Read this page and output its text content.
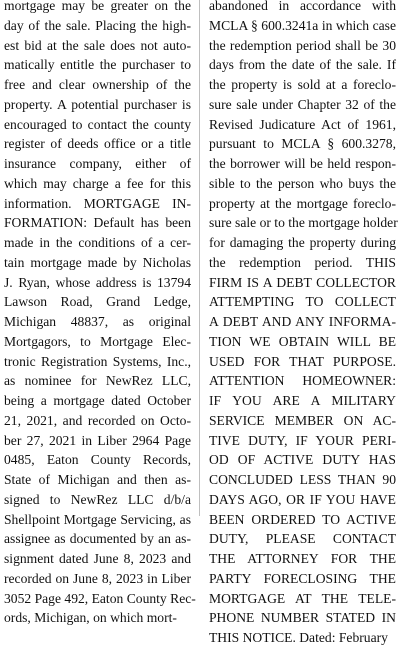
mortgage may be greater on the
day of the sale. Placing the high-
est bid at the sale does not auto-
matically entitle the purchaser to
free and clear ownership of the
property. A potential purchaser is
encouraged to contact the county
register of deeds office or a title
insurance company, either of
which may charge a fee for this
information. MORTGAGE IN-
FORMATION: Default has been
made in the conditions of a cer-
tain mortgage made by Nicholas
J. Ryan, whose address is 13794
Lawson Road, Grand Ledge,
Michigan 48837, as original
Mortgagors, to Mortgage Elec-
tronic Registration Systems, Inc.,
as nominee for NewRez LLC,
being a mortgage dated October
21, 2021, and recorded on Octo-
ber 27, 2021 in Liber 2964 Page
0485, Eaton County Records,
State of Michigan and then as-
signed to NewRez LLC d/b/a
Shellpoint Mortgage Servicing, as
assignee as documented by an as-
signment dated June 8, 2023 and
recorded on June 8, 2023 in Liber
3052 Page 492, Eaton County Rec-
ords, Michigan, on which mort-
abandoned in accordance with
MCLA § 600.3241a in which case
the redemption period shall be 30
days from the date of the sale. If
the property is sold at a foreclo-
sure sale under Chapter 32 of the
Revised Judicature Act of 1961,
pursuant to MCLA § 600.3278,
the borrower will be held respon-
sible to the person who buys the
property at the mortgage foreclo-
sure sale or to the mortgage holder
for damaging the property during
the redemption period. THIS
FIRM IS A DEBT COLLECTOR
ATTEMPTING TO COLLECT
A DEBT AND ANY INFORMA-
TION WE OBTAIN WILL BE
USED FOR THAT PURPOSE.
ATTENTION HOMEOWNER:
IF YOU ARE A MILITARY
SERVICE MEMBER ON AC-
TIVE DUTY, IF YOUR PERI-
OD OF ACTIVE DUTY HAS
CONCLUDED LESS THAN 90
DAYS AGO, OR IF YOU HAVE
BEEN ORDERED TO ACTIVE
DUTY, PLEASE CONTACT
THE ATTORNEY FOR THE
PARTY FORECLOSING THE
MORTGAGE AT THE TELE-
PHONE NUMBER STATED IN
THIS NOTICE. Dated: February
